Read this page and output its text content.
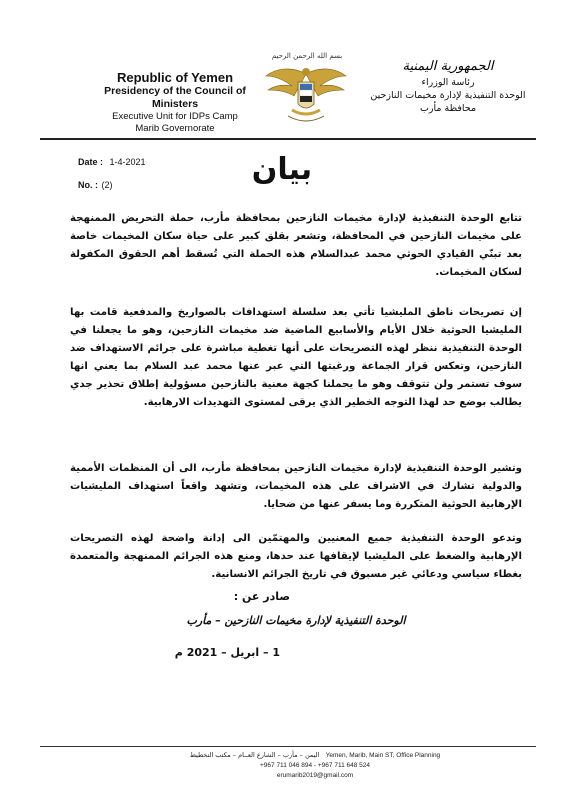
Republic of Yemen
Presidency of the Council of Ministers
Executive Unit for IDPs Camp
Marib Governorate
بسم الله الرحمن الرحيم
الجمهورية اليمنية
رئاسة الوزراء
الوحدة التنفيذية لإدارة مخيمات النازحين
محافظة مأرب
Date : 1-4-2021
No. : (2)	بيان

تتابع الوحدة التنفيذية لإدارة مخيمات النازحين بمحافظة مأرب، حملة التحريض الممنهجة على مخيمات النازحين في المحافظة، وتشعر بقلق كبير على حياة سكان المخيمات خاصة بعد تبنّي القيادي الحوثي محمد عبدالسلام هذه الحملة التي تُسقط أهم الحقوق المكفولة لسكان المخيمات.

إن تصريحات ناطق المليشيا تأتي بعد سلسلة استهدافات بالصواريخ والمدفعية قامت بها المليشيا الحوثية خلال الأيام والأسابيع الماضية ضد مخيمات النازحين، وهو ما يجعلنا في الوحدة التنفيذية ننظر لهذه التصريحات على أنها تغطية مباشرة على جرائم الاستهداف ضد النازحين، وتعكس قرار الجماعة ورغبتها التي عبر عنها محمد عبد السلام بما يعني انها سوف تستمر ولن تتوقف وهو ما يحملنا كجهة معنية بالنازحين مسؤولية إطلاق تحذير جدي يطالب بوضع حد لهذا التوجه الخطير الذي يرقى لمستوى التهديدات الارهابية.

وتشير الوحدة التنفيذية لإدارة مخيمات النازحين بمحافظة مأرب، الى أن المنظمات الأممية والدولية تشارك في الاشراف على هذه المخيمات، وتشهد واقعاً استهداف المليشيات الإرهابية الحوثية المتكررة وما يسفر عنها من ضحايا.

وتدعو الوحدة التنفيذية جميع المعنيين والمهتمّين الى إدانة واضحة لهذه التصريحات الإرهابية والضغط على المليشيا لإيقافها عند حدها، ومنع هذه الجرائم الممنهجة والمتعمدة بغطاء سياسي ودعائي غير مسبوق في تاريخ الجرائم الانسانية.

صادر عن :
الوحدة التنفيذية لإدارة مخيمات النازحين – مأرب
1 – ابريل – 2021 م
اليمن – مأرب – الشارع العــام – مكتب التخطيط Yemen, Marib, Main ST, Office Planning
+967 711 046 894 - +967 711 648 524
erumarib2019@gmail.com
